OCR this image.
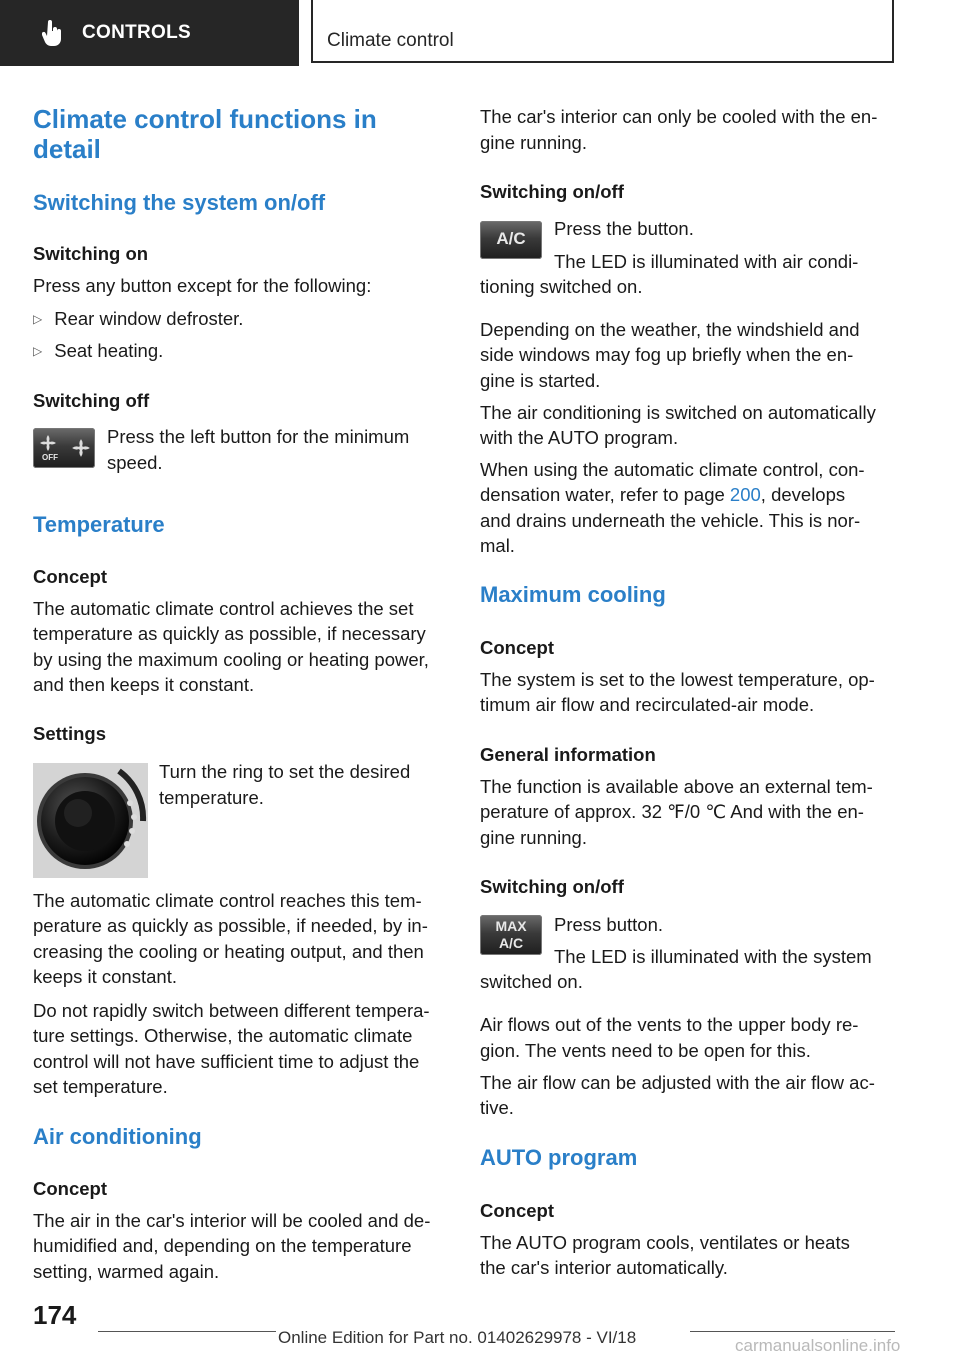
CONTROLS	Climate control
Climate control functions in
detail
Switching the system on/off
Switching on
Press any button except for the following:
▷ Rear window defroster.
▷ Seat heating.
Switching off
OFF
Press the left button for the minimum
speed.
Temperature
Concept
The automatic climate control achieves the set
temperature as quickly as possible, if necessary
by using the maximum cooling or heating power,
and then keeps it constant.
Settings
Turn the ring to set the desired
temperature.
The automatic climate control reaches this tem‐
perature as quickly as possible, if needed, by in‐
creasing the cooling or heating output, and then
keeps it constant.
Do not rapidly switch between different tempera‐
ture settings. Otherwise, the automatic climate
control will not have sufficient time to adjust the
set temperature.
Air conditioning
Concept
The air in the car's interior will be cooled and de‐
humidified and, depending on the temperature
setting, warmed again.
The car's interior can only be cooled with the en‐
gine running.
Switching on/off
A/C	Press the button.
The LED is illuminated with air condi‐
tioning switched on.
Depending on the weather, the windshield and
side windows may fog up briefly when the en‐
gine is started.
The air conditioning is switched on automatically
with the AUTO program.
When using the automatic climate control, con‐
densation water, refer to page 200, develops
and drains underneath the vehicle. This is nor‐
mal.
Maximum cooling
Concept
The system is set to the lowest temperature, op‐
timum air flow and recirculated-air mode.
General information
The function is available above an external tem‐
perature of approx. 32 ℉/0 ℃ And with the en‐
gine running.
Switching on/off
MAX
A/C
Press button.
The LED is illuminated with the system
switched on.
Air flows out of the vents to the upper body re‐
gion. The vents need to be open for this.
The air flow can be adjusted with the air flow ac‐
tive.
AUTO program
Concept
The AUTO program cools, ventilates or heats
the car's interior automatically.
174
Online Edition for Part no. 01402629978 - VI/18	carmanualsonline.info
